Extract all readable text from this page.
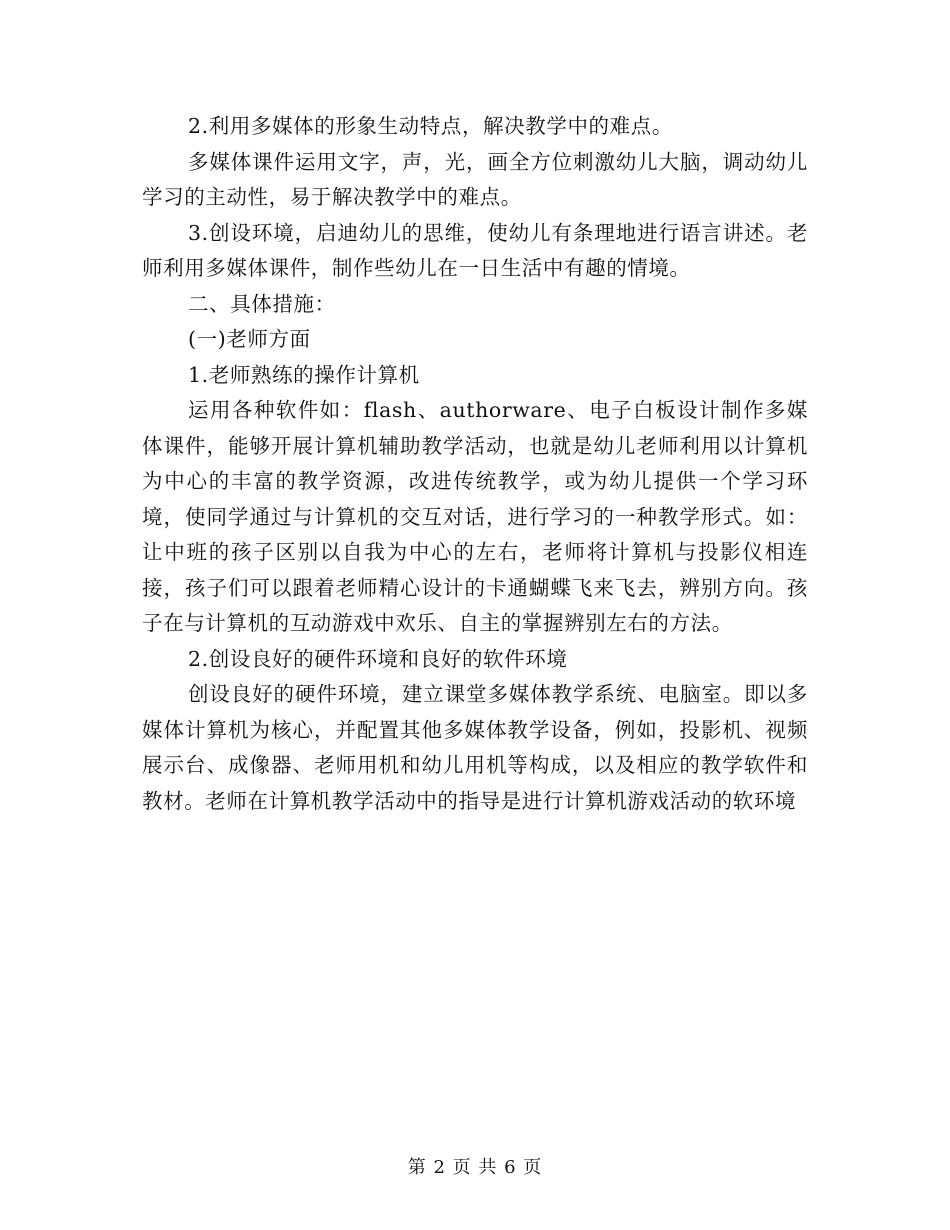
2.利用多媒体的形象生动特点，解决教学中的难点。

多媒体课件运用文字，声，光，画全方位刺激幼儿大脑，调动幼儿学习的主动性，易于解决教学中的难点。

3.创设环境，启迪幼儿的思维，使幼儿有条理地进行语言讲述。老师利用多媒体课件，制作些幼儿在一日生活中有趣的情境。

二、具体措施：

(一)老师方面

1.老师熟练的操作计算机

运用各种软件如：flash、authorware、电子白板设计制作多媒体课件，能够开展计算机辅助教学活动，也就是幼儿老师利用以计算机为中心的丰富的教学资源，改进传统教学，或为幼儿提供一个学习环境，使同学通过与计算机的交互对话，进行学习的一种教学形式。如：让中班的孩子区别以自我为中心的左右，老师将计算机与投影仪相连接，孩子们可以跟着老师精心设计的卡通蝴蝶飞来飞去，辨别方向。孩子在与计算机的互动游戏中欢乐、自主的掌握辨别左右的方法。

2.创设良好的硬件环境和良好的软件环境

创设良好的硬件环境，建立课堂多媒体教学系统、电脑室。即以多媒体计算机为核心，并配置其他多媒体教学设备，例如，投影机、视频展示台、成像器、老师用机和幼儿用机等构成，以及相应的教学软件和教材。老师在计算机教学活动中的指导是进行计算机游戏活动的软环境

第 2 页 共 6 页
